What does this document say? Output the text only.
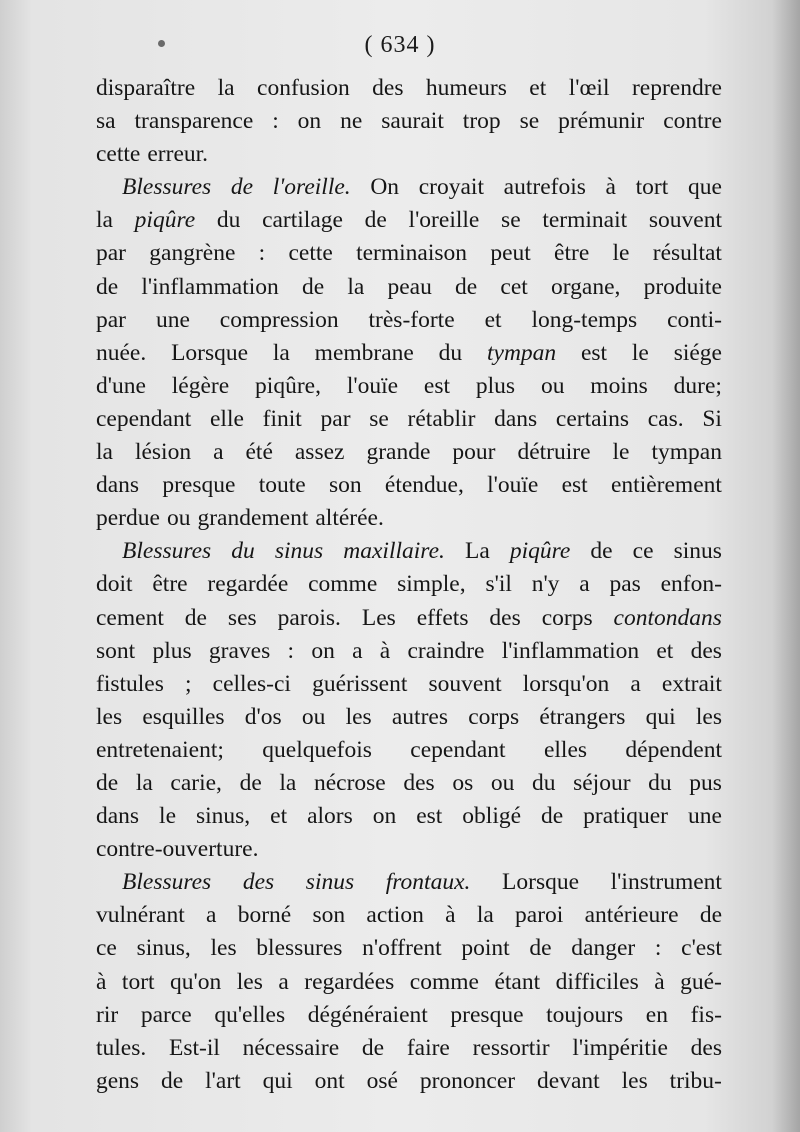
( 634 )
disparaître la confusion des humeurs et l'œil reprendre
sa transparence : on ne saurait trop se prémunir contre
cette erreur.
Blessures de l'oreille. On croyait autrefois à tort que
la piqûre du cartilage de l'oreille se terminait souvent
par gangrène : cette terminaison peut être le résultat
de l'inflammation de la peau de cet organe, produite
par une compression très-forte et long-temps conti-
nuée. Lorsque la membrane du tympan est le siége
d'une légère piqûre, l'ouïe est plus ou moins dure;
cependant elle finit par se rétablir dans certains cas. Si
la lésion a été assez grande pour détruire le tympan
dans presque toute son étendue, l'ouïe est entièrement
perdue ou grandement altérée.
Blessures du sinus maxillaire. La piqûre de ce sinus
doit être regardée comme simple, s'il n'y a pas enfon-
cement de ses parois. Les effets des corps contondans
sont plus graves : on a à craindre l'inflammation et des
fistules ; celles-ci guérissent souvent lorsqu'on a extrait
les esquilles d'os ou les autres corps étrangers qui les
entretenaient; quelquefois cependant elles dépendent
de la carie, de la nécrose des os ou du séjour du pus
dans le sinus, et alors on est obligé de pratiquer une
contre-ouverture.
Blessures des sinus frontaux. Lorsque l'instrument
vulnérant a borné son action à la paroi antérieure de
ce sinus, les blessures n'offrent point de danger : c'est
à tort qu'on les a regardées comme étant difficiles à gué-
rir parce qu'elles dégénéraient presque toujours en fis-
tules. Est-il nécessaire de faire ressortir l'impéritie des
gens de l'art qui ont osé prononcer devant les tribu-
